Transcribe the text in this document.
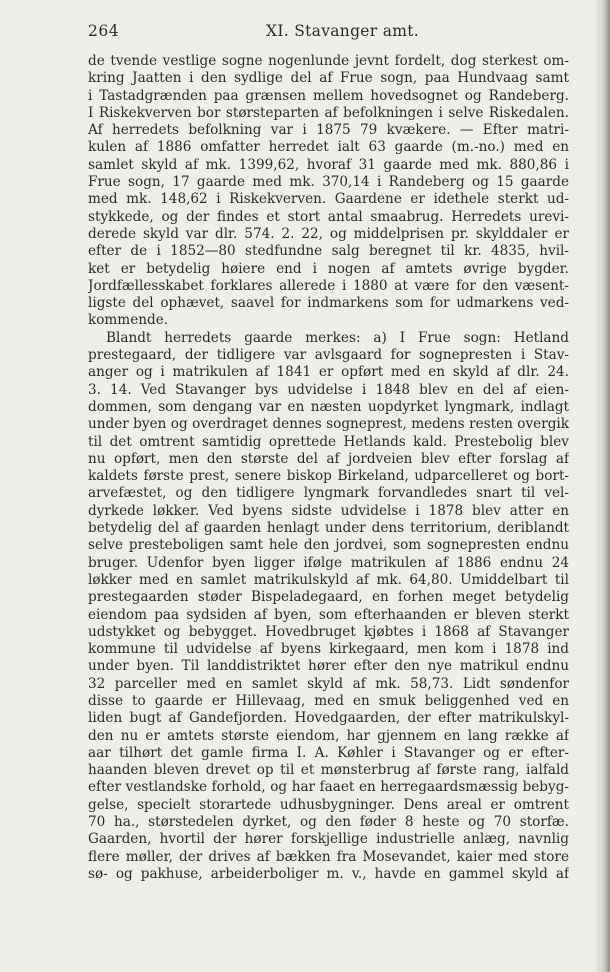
264	XI. Stavanger amt.
de tvende vestlige sogne nogenlunde jevnt fordelt, dog sterkest om-
kring Jaatten i den sydlige del af Frue sogn, paa Hundvaag samt
i Tastadgrænden paa grænsen mellem hovedsognet og Randeberg.
I Riskekverven bor størsteparten af befolkningen i selve Riskedalen.
Af herredets befolkning var i 1875 79 kvækere. — Efter matri-
kulen af 1886 omfatter herredet ialt 63 gaarde (m.-no.) med en
samlet skyld af mk. 1399,62, hvoraf 31 gaarde med mk. 880,86 i
Frue sogn, 17 gaarde med mk. 370,14 i Randeberg og 15 gaarde
med mk. 148,62 i Riskekverven. Gaardene er idethele sterkt ud-
stykkede, og der findes et stort antal smaabrug. Herredets urevi-
derede skyld var dlr. 574. 2. 22, og middelprisen pr. skylddaler er
efter de i 1852—80 stedfundne salg beregnet til kr. 4835, hvil-
ket er betydelig høiere end i nogen af amtets øvrige bygder.
Jordfællesskabet forklares allerede i 1880 at være for den væsent-
ligste del ophævet, saavel for indmarkens som for udmarkens ved-
kommende.
Blandt herredets gaarde merkes: a) I Frue sogn: Hetland
prestegaard, der tidligere var avlsgaard for sognepresten i Stav-
anger og i matrikulen af 1841 er opført med en skyld af dlr. 24.
3. 14. Ved Stavanger bys udvidelse i 1848 blev en del af eien-
dommen, som dengang var en næsten uopdyrket lyngmark, indlagt
under byen og overdraget dennes sogneprest, medens resten overgik
til det omtrent samtidig oprettede Hetlands kald. Prestebolig blev
nu opført, men den største del af jordveien blev efter forslag af
kaldets første prest, senere biskop Birkeland, udparcelleret og bort-
arvefæstet, og den tidligere lyngmark forvandledes snart til vel-
dyrkede løkker. Ved byens sidste udvidelse i 1878 blev atter en
betydelig del af gaarden henlagt under dens territorium, deriblandt
selve presteboligen samt hele den jordvei, som sognepresten endnu
bruger. Udenfor byen ligger ifølge matrikulen af 1886 endnu 24
løkker med en samlet matrikulskyld af mk. 64,80. Umiddelbart til
prestegaarden støder Bispeladegaard, en forhen meget betydelig
eiendom paa sydsiden af byen, som efterhaanden er bleven sterkt
udstykket og bebygget. Hovedbruget kjøbtes i 1868 af Stavanger
kommune til udvidelse af byens kirkegaard, men kom i 1878 ind
under byen. Til landdistriktet hører efter den nye matrikul endnu
32 parceller med en samlet skyld af mk. 58,73. Lidt søndenfor
disse to gaarde er Hillevaag, med en smuk beliggenhed ved en
liden bugt af Gandefjorden. Hovedgaarden, der efter matrikulskyl-
den nu er amtets største eiendom, har gjennem en lang række af
aar tilhørt det gamle firma I. A. Køhler i Stavanger og er efter-
haanden bleven drevet op til et mønsterbrug af første rang, ialfald
efter vestlandske forhold, og har faaet en herregaardsmæssig bebyg-
gelse, specielt storartede udhusbygninger. Dens areal er omtrent
70 ha., størstedelen dyrket, og den føder 8 heste og 70 storfæ.
Gaarden, hvortil der hører forskjellige industrielle anlæg, navnlig
flere møller, der drives af bækken fra Mosevandet, kaier med store
sø- og pakhuse, arbeiderboliger m. v., havde en gammel skyld af
